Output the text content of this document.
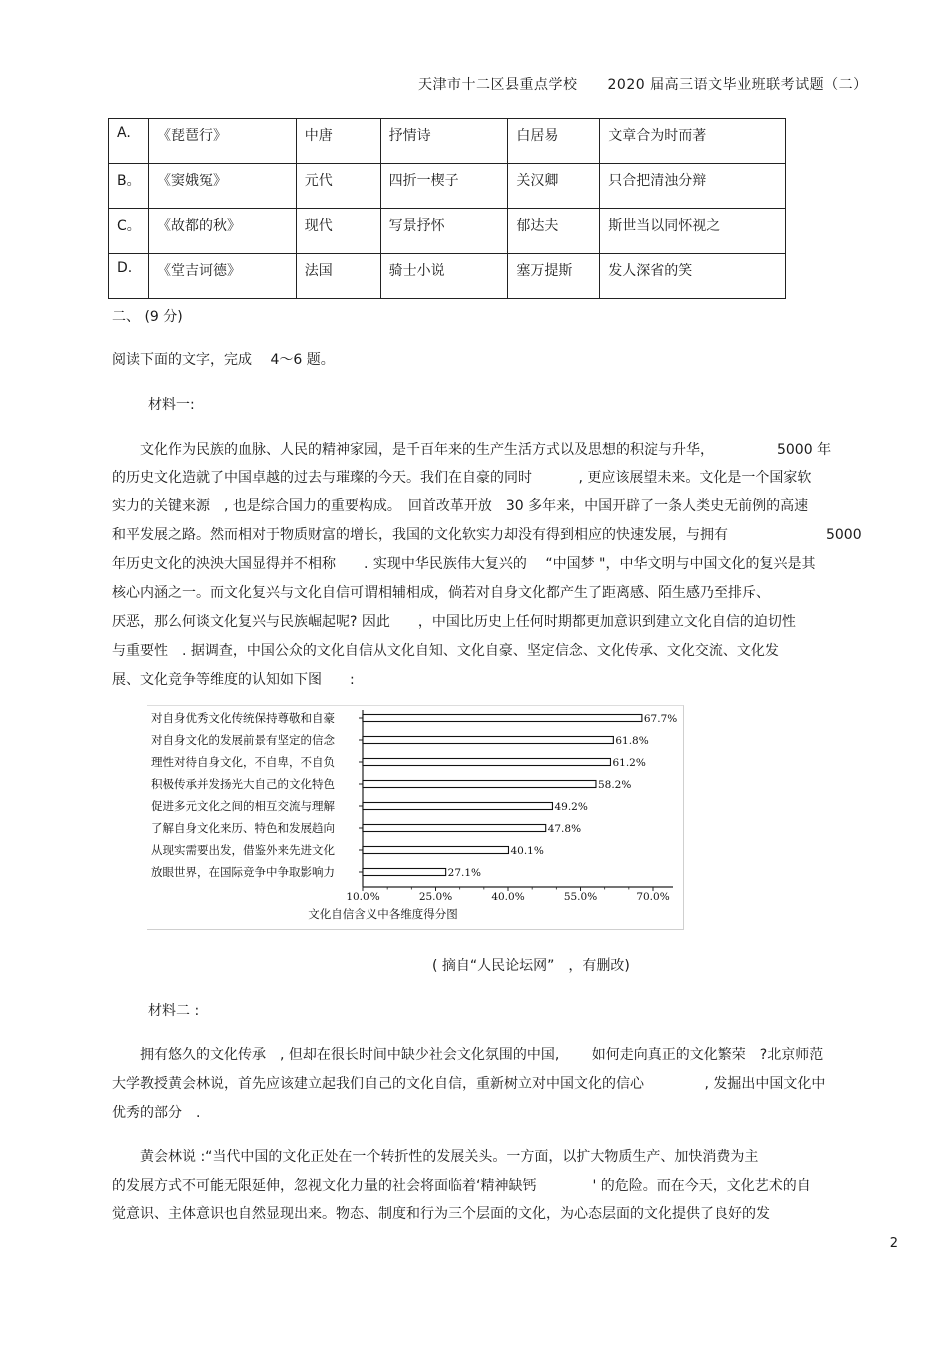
天津市十二区县重点学校 2020 届高三语文毕业班联考试题（二）
A.	《琵琶行》	中唐	抒情诗	白居易	文章合为时而著
B。	《窦娥冤》	元代	四折一楔子	关汉卿	只合把清浊分辩
C。	《故都的秋》	现代	写景抒怀	郁达夫	斯世当以同怀视之
D.	《堂吉诃德》	法国	骑士小说	塞万提斯	发人深省的笑
二、 (9 分)
阅读下面的文字，完成　 4～6 题。
材料一:
　　文化作为民族的血脉、人民的精神家园，是千百年来的生产生活方式以及思想的积淀与升华，　　　　　5000 年
的历史文化造就了中国卓越的过去与璀璨的今天。我们在自豪的同时　　　 , 更应该展望未来。文化是一个国家软
实力的关键来源　, 也是综合国力的重要构成。　回首改革开放　30 多年来，中国开辟了一条人类史无前例的高速
和平发展之路。然而相对于物质财富的增长，我国的文化软实力却没有得到相应的快速发展，与拥有　　　　　　　5000
年历史文化的泱泱大国显得并不相称　　. 实现中华民族伟大复兴的　 “中国梦 "，中华文明与中国文化的复兴是其
核心内涵之一。而文化复兴与文化自信可谓相辅相成，倘若对自身文化都产生了距离感、陌生感乃至排斥、
厌恶，那么何谈文化复兴与民族崛起呢? 因此　　，中国比历史上任何时期都更加意识到建立文化自信的迫切性
与重要性　. 据调查，中国公众的文化自信从文化自知、文化自豪、坚定信念、文化传承、文化交流、文化发
展、文化竞争等维度的认知如下图　　:
对自身优秀文化传统保持尊敬和自豪	67.7%
对自身文化的发展前景有坚定的信念	61.8%
理性对待自身文化，不自卑，不自负	61.2%
积极传承并发扬光大自己的文化特色	58.2%
促进多元文化之间的相互交流与理解	49.2%
了解自身文化来历、特色和发展趋向	47.8%
从现实需要出发，借鉴外来先进文化	40.1%
放眼世界，在国际竞争中争取影响力	27.1%
10.0%	25.0%	40.0%	55.0%	70.0%
文化自信含义中各维度得分图
( 摘自“人民论坛网”　，有删改)
材料二 :
　　拥有悠久的文化传承　, 但却在很长时间中缺少社会文化氛围的中国,　　 如何走向真正的文化繁荣　?北京师范
大学教授黄会林说，首先应该建立起我们自己的文化自信，重新树立对中国文化的信心　　　　 , 发掘出中国文化中
优秀的部分　.
　　黄会林说 :“当代中国的文化正处在一个转折性的发展关头。一方面，以扩大物质生产、加快消费为主
的发展方式不可能无限延伸，忽视文化力量的社会将面临着‘精神缺钙　　　　' 的危险。而在今天，文化艺术的自
觉意识、主体意识也自然显现出来。物态、制度和行为三个层面的文化，为心态层面的文化提供了良好的发
2
